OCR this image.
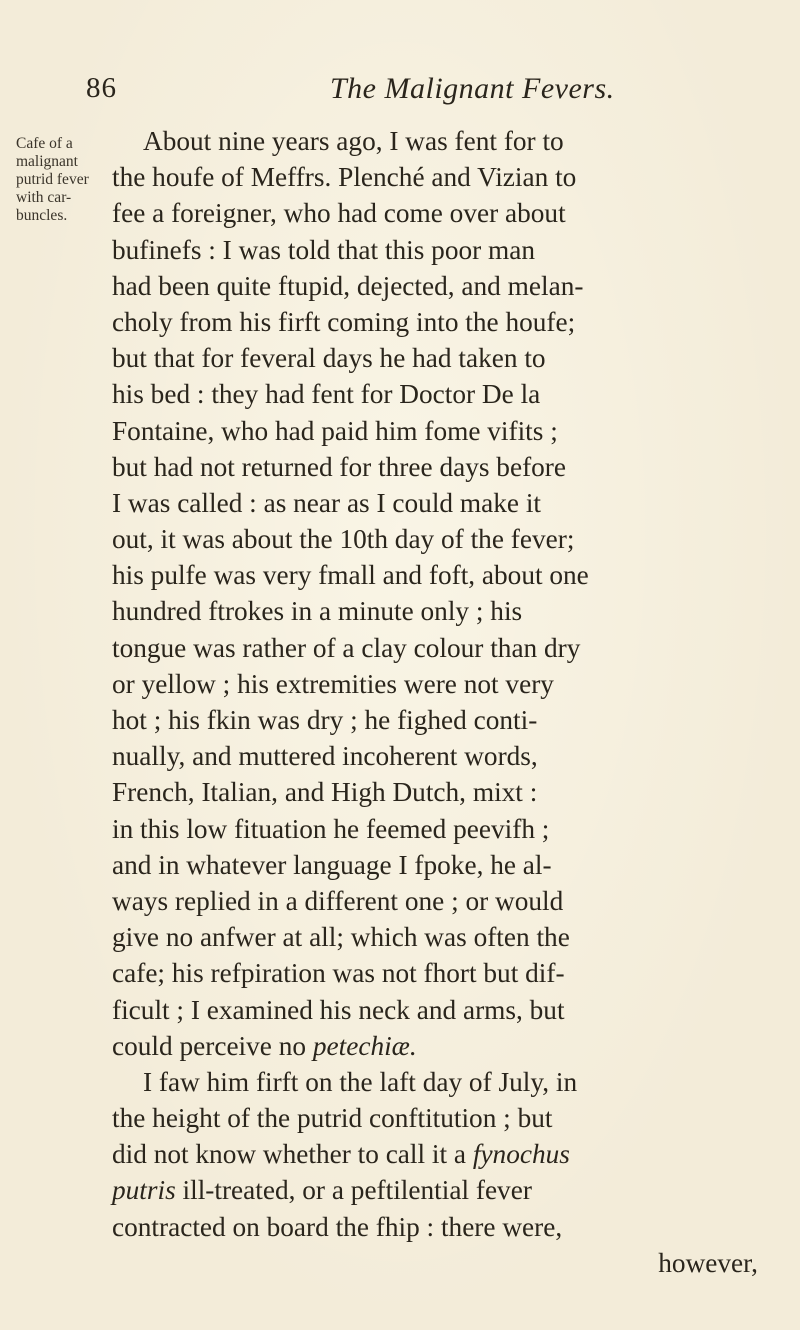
86	The Malignant Fevers.
Cafe of a
malignant
putrid fever
with car-
buncles.
About nine years ago, I was fent for to
the houfe of Meffrs. Plenché and Vizian to
fee a foreigner, who had come over about
bufinefs : I was told that this poor man
had been quite ftupid, dejected, and melan-
choly from his firft coming into the houfe;
but that for feveral days he had taken to
his bed : they had fent for Doctor De la
Fontaine, who had paid him fome vifits ;
but had not returned for three days before
I was called : as near as I could make it
out, it was about the 10th day of the fever;
his pulfe was very fmall and foft, about one
hundred ftrokes in a minute only ; his
tongue was rather of a clay colour than dry
or yellow ; his extremities were not very
hot ; his fkin was dry ; he fighed conti-
nually, and muttered incoherent words,
French, Italian, and High Dutch, mixt :
in this low fituation he feemed peevifh ;
and in whatever language I fpoke, he al-
ways replied in a different one ; or would
give no anfwer at all; which was often the
cafe; his refpiration was not fhort but dif-
ficult ; I examined his neck and arms, but
could perceive no petechiæ.
I faw him firft on the laft day of July, in
the height of the putrid conftitution ; but
did not know whether to call it a fynochus
putris ill-treated, or a peftilential fever
contracted on board the fhip : there were,
however,
